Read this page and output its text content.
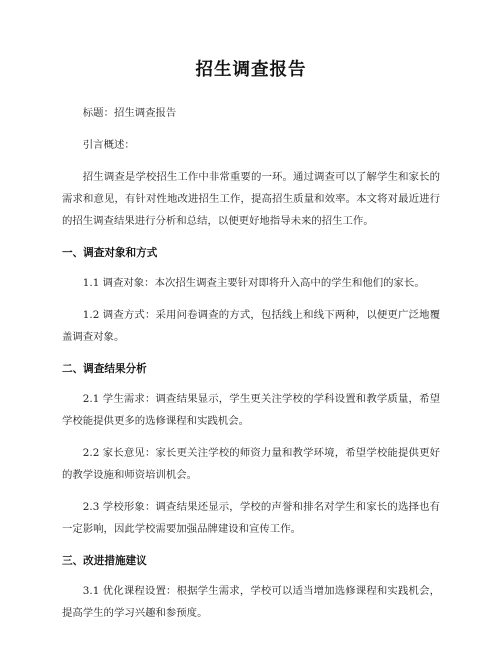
招生调查报告

标题：招生调查报告

引言概述：

招生调查是学校招生工作中非常重要的一环。通过调查可以了解学生和家长的需求和意见，有针对性地改进招生工作，提高招生质量和效率。本文将对最近进行的招生调查结果进行分析和总结，以便更好地指导未来的招生工作。

一、调查对象和方式

1.1 调查对象：本次招生调查主要针对即将升入高中的学生和他们的家长。

1.2 调查方式：采用问卷调查的方式，包括线上和线下两种，以便更广泛地覆盖调查对象。

二、调查结果分析

2.1 学生需求：调查结果显示，学生更关注学校的学科设置和教学质量，希望学校能提供更多的选修课程和实践机会。

2.2 家长意见：家长更关注学校的师资力量和教学环境，希望学校能提供更好的教学设施和师资培训机会。

2.3 学校形象：调查结果还显示，学校的声誉和排名对学生和家长的选择也有一定影响，因此学校需要加强品牌建设和宣传工作。

三、改进措施建议

3.1 优化课程设置：根据学生需求，学校可以适当增加选修课程和实践机会，提高学生的学习兴趣和参预度。
